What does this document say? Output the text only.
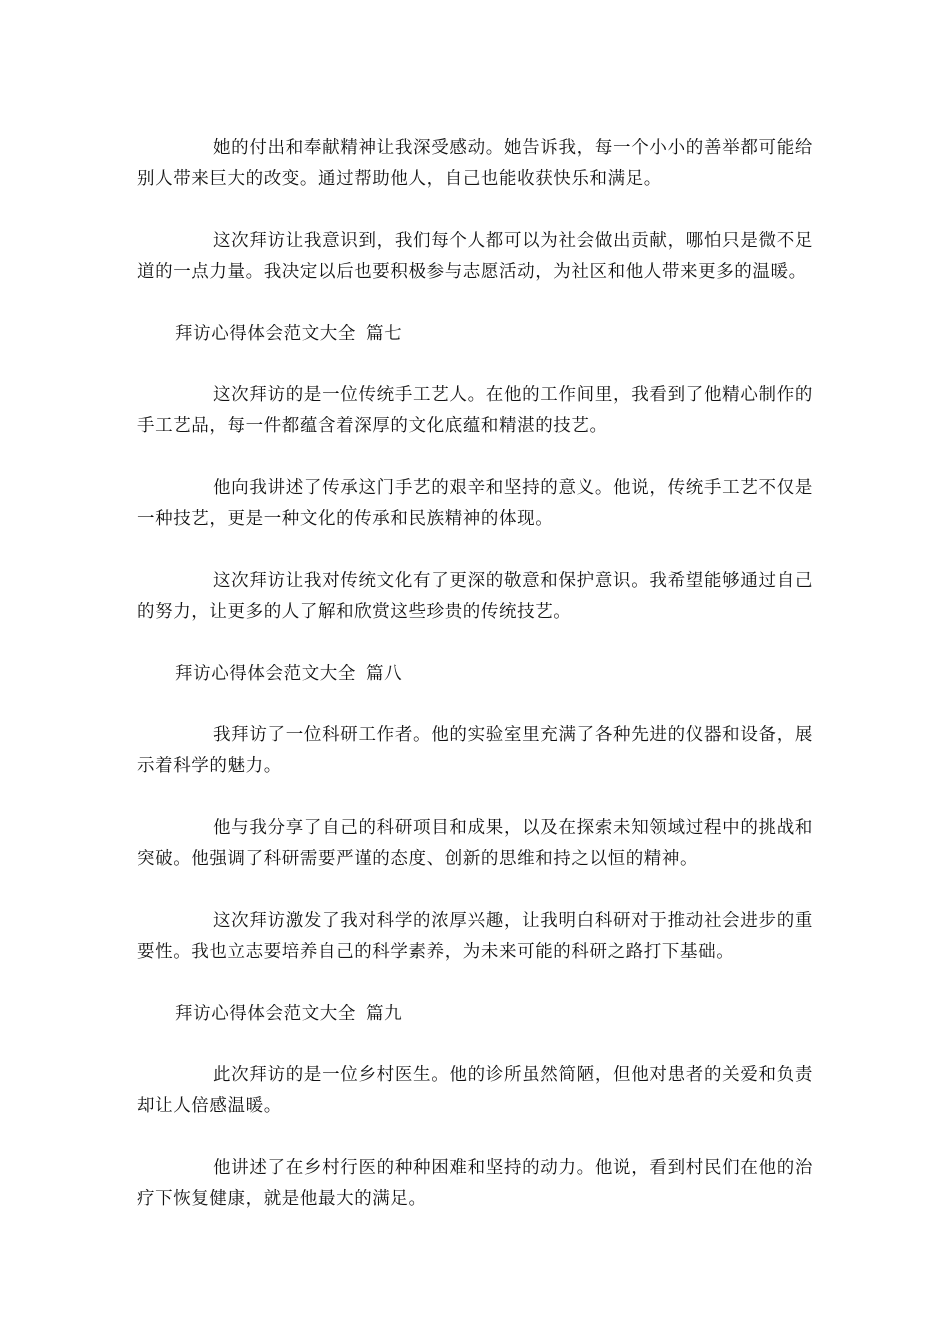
她的付出和奉献精神让我深受感动。她告诉我，每一个小小的善举都可能给别人带来巨大的改变。通过帮助他人，自己也能收获快乐和满足。

这次拜访让我意识到，我们每个人都可以为社会做出贡献，哪怕只是微不足道的一点力量。我决定以后也要积极参与志愿活动，为社区和他人带来更多的温暖。

拜访心得体会范文大全 篇七

这次拜访的是一位传统手工艺人。在他的工作间里，我看到了他精心制作的手工艺品，每一件都蕴含着深厚的文化底蕴和精湛的技艺。

他向我讲述了传承这门手艺的艰辛和坚持的意义。他说，传统手工艺不仅是一种技艺，更是一种文化的传承和民族精神的体现。

这次拜访让我对传统文化有了更深的敬意和保护意识。我希望能够通过自己的努力，让更多的人了解和欣赏这些珍贵的传统技艺。

拜访心得体会范文大全 篇八

我拜访了一位科研工作者。他的实验室里充满了各种先进的仪器和设备，展示着科学的魅力。

他与我分享了自己的科研项目和成果，以及在探索未知领域过程中的挑战和突破。他强调了科研需要严谨的态度、创新的思维和持之以恒的精神。

这次拜访激发了我对科学的浓厚兴趣，让我明白科研对于推动社会进步的重要性。我也立志要培养自己的科学素养，为未来可能的科研之路打下基础。

拜访心得体会范文大全 篇九

此次拜访的是一位乡村医生。他的诊所虽然简陋，但他对患者的关爱和负责却让人倍感温暖。

他讲述了在乡村行医的种种困难和坚持的动力。他说，看到村民们在他的治疗下恢复健康，就是他最大的满足。
